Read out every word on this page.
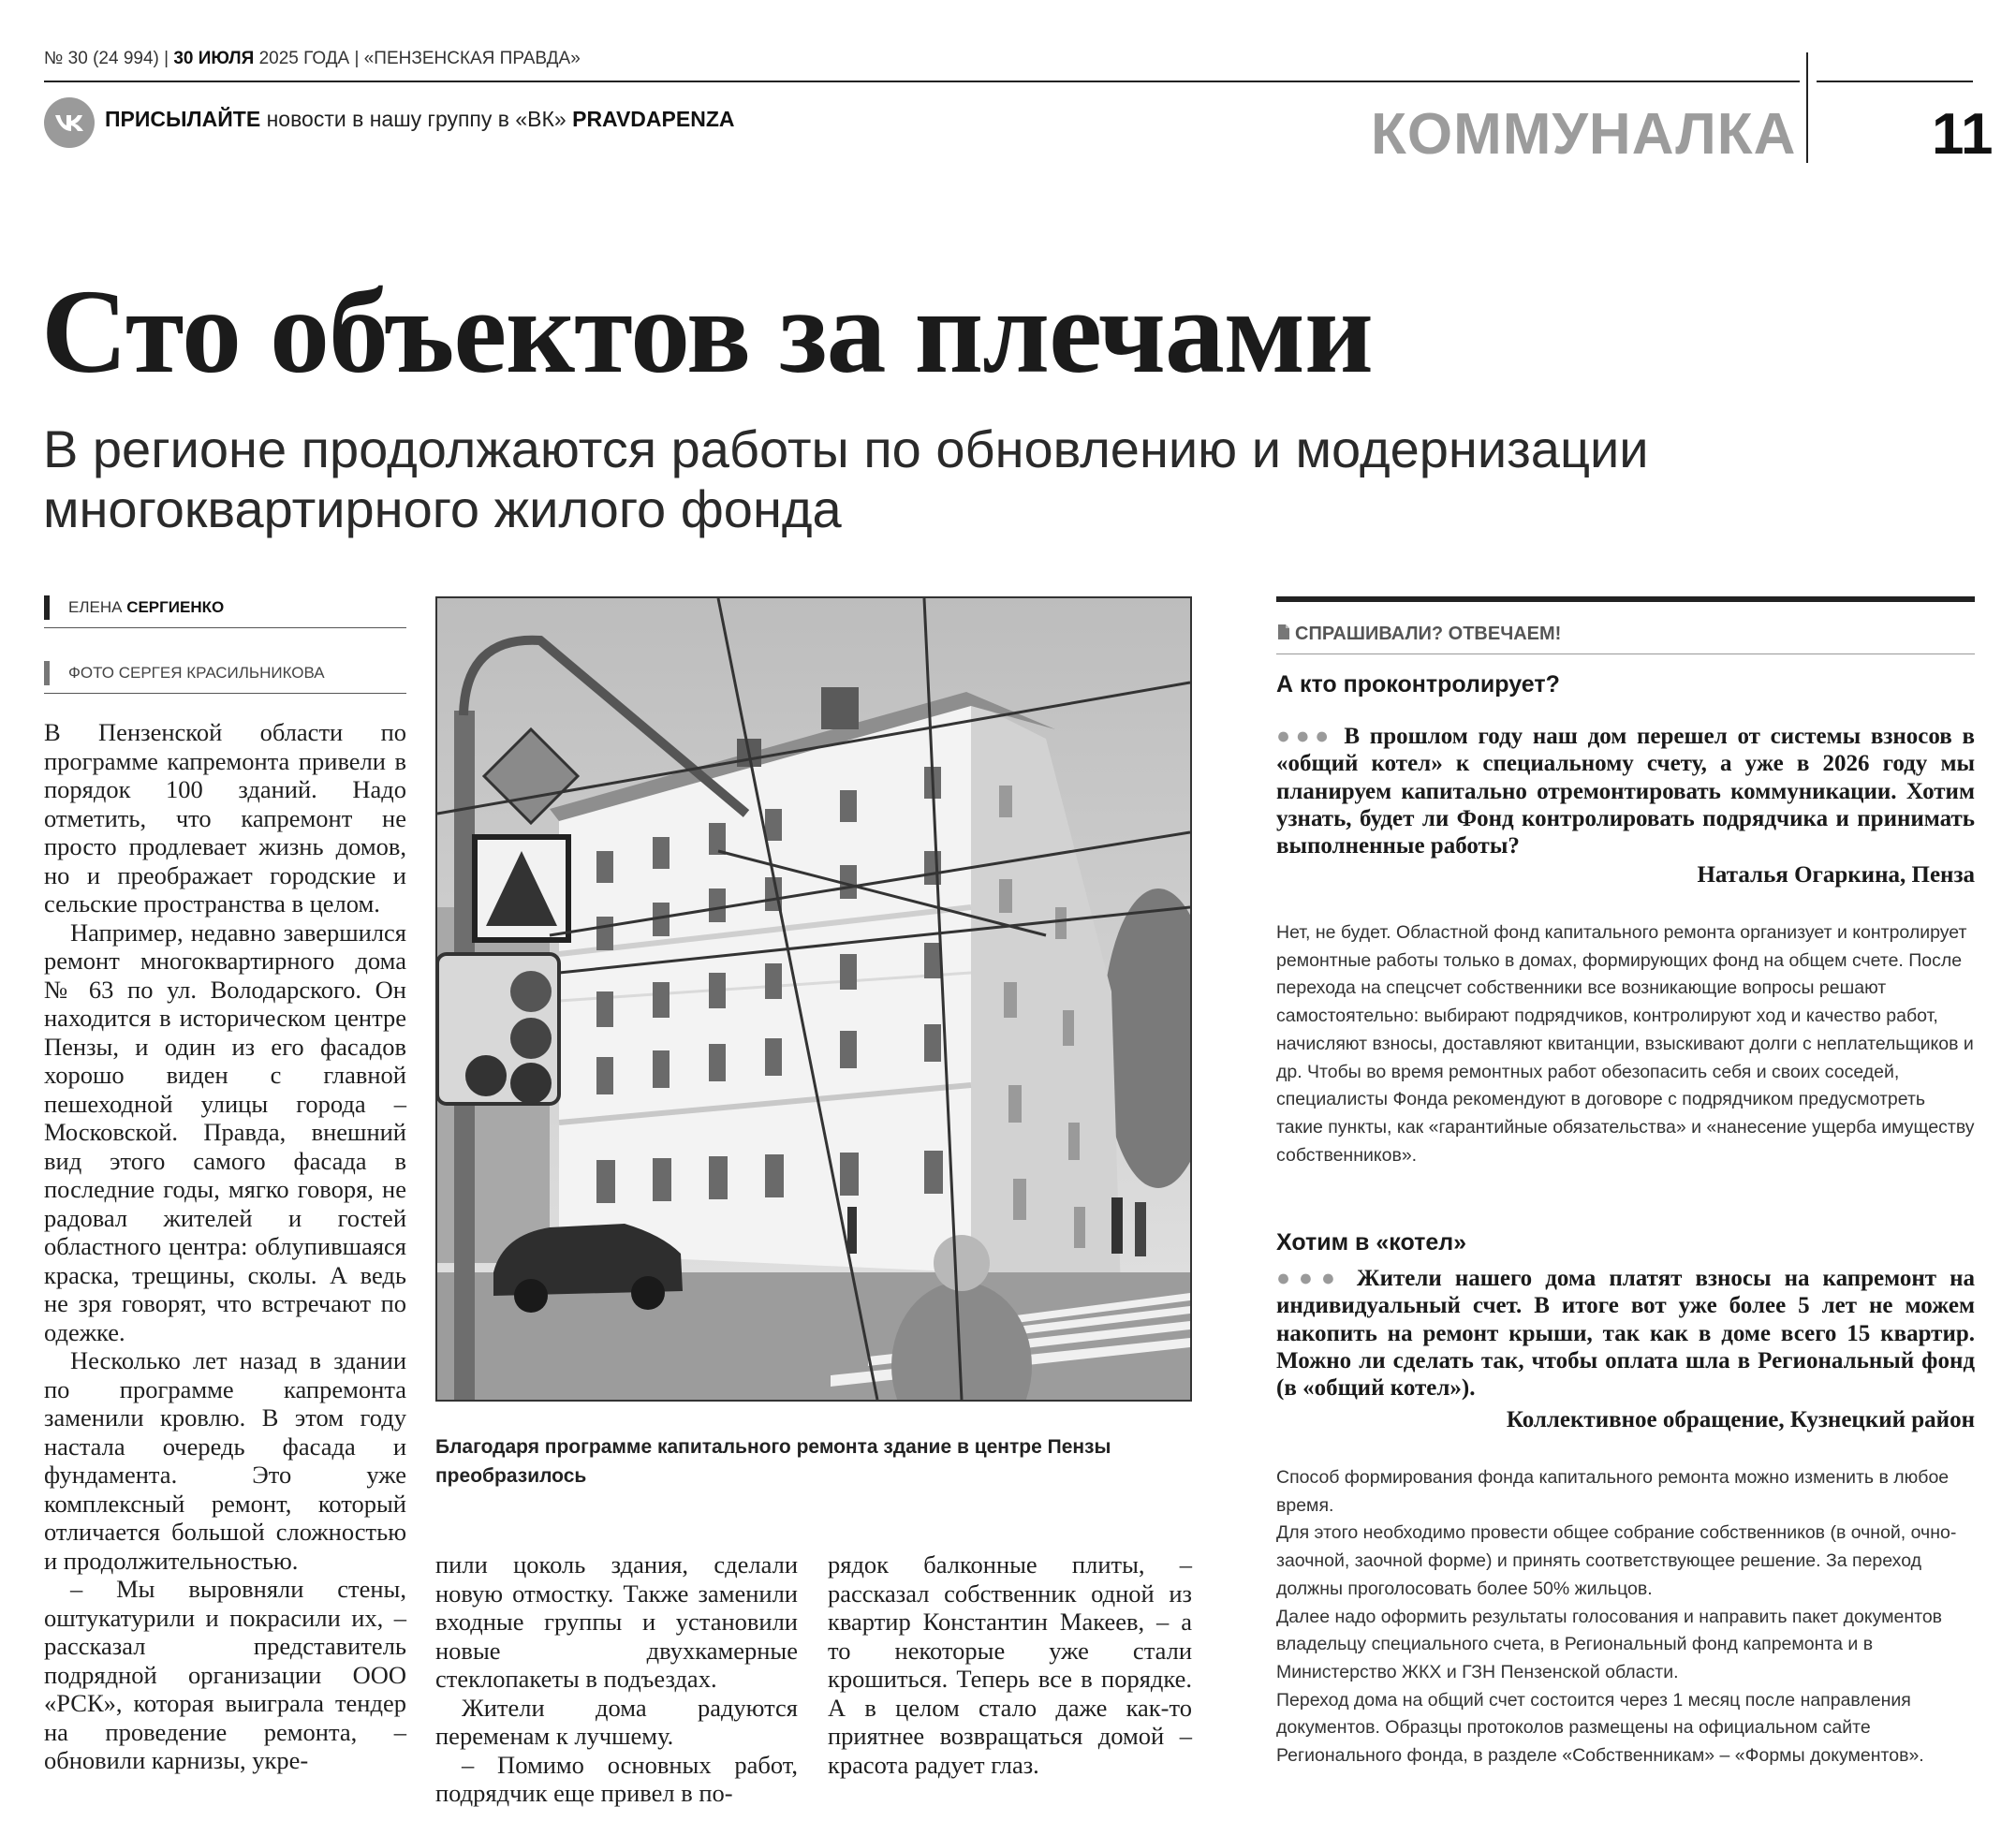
№ 30 (24 994) | 30 ИЮЛЯ 2025 ГОДА | «ПЕНЗЕНСКАЯ ПРАВДА»
ПРИСЫЛАЙТЕ новости в нашу группу в «ВК» PRAVDAPENZA	КОММУНАЛКА 11
Сто объектов за плечами
В регионе продолжаются работы по обновлению и модернизации многоквартирного жилого фонда
ЕЛЕНА СЕРГИЕНКО
ФОТО СЕРГЕЯ КРАСИЛЬНИКОВА

В Пензенской области по программе капремонта привели в порядок 100 зданий. Надо отметить, что капремонт не просто продлевает жизнь домов, но и преображает городские и сельские пространства в целом.

Например, недавно завершился ремонт многоквартирного дома № 63 по ул. Володарского. Он находится в историческом центре Пензы, и один из его фасадов хорошо виден с главной пешеходной улицы города – Московской. Правда, внешний вид этого самого фасада в последние годы, мягко говоря, не радовал жителей и гостей областного центра: облупившаяся краска, трещины, сколы. А ведь не зря говорят, что встречают по одежке.

Несколько лет назад в здании по программе капремонта заменили кровлю. В этом году настала очередь фасада и фундамента. Это уже комплексный ремонт, который отличается большой сложностью и продолжительностью.

– Мы выровняли стены, оштукатурили и покрасили их, – рассказал представитель подрядной организации ООО «РСК», которая выиграла тендер на проведение ремонта, – обновили карнизы, укре-

Благодаря программе капитального ремонта здание в центре Пензы преобразилось

пили цоколь здания, сделали новую отмостку. Также заменили входные группы и установили новые двухкамерные стеклопакеты в подъездах.

Жители дома радуются переменам к лучшему.

– Помимо основных работ, подрядчик еще привел в по-

рядок балконные плиты, – рассказал собственник одной из квартир Константин Макеев, – а то некоторые уже стали крошиться. Теперь все в порядке. А в целом стало даже как-то приятнее возвращаться домой – красота радует глаз.

СПРАШИВАЛИ? ОТВЕЧАЕМ!
А кто проконтролирует?
●●● В прошлом году наш дом перешел от системы взносов в «общий котел» к специальному счету, а уже в 2026 году мы планируем капитально отремонтировать коммуникации. Хотим узнать, будет ли Фонд контролировать подрядчика и принимать выполненные работы?
Наталья Огаркина, Пенза
Нет, не будет. Областной фонд капитального ремонта организует и контролирует ремонтные работы только в домах, формирующих фонд на общем счете. После перехода на спецсчет собственники все возникающие вопросы решают самостоятельно: выбирают подрядчиков, контролируют ход и качество работ, начисляют взносы, доставляют квитанции, взыскивают долги с неплательщиков и др. Чтобы во время ремонтных работ обезопасить себя и своих соседей, специалисты Фонда рекомендуют в договоре с подрядчиком предусмотреть такие пункты, как «гарантийные обязательства» и «нанесение ущерба имуществу собственников».
Хотим в «котел»
●●● Жители нашего дома платят взносы на капремонт на индивидуальный счет. В итоге вот уже более 5 лет не можем накопить на ремонт крыши, так как в доме всего 15 квартир. Можно ли сделать так, чтобы оплата шла в Региональный фонд (в «общий котел»).
Коллективное обращение, Кузнецкий район

Способ формирования фонда капитального ремонта можно изменить в любое время.

Для этого необходимо провести общее собрание собственников (в очной, очно-заочной, заочной форме) и принять соответствующее решение. За переход должны проголосовать более 50% жильцов.

Далее надо оформить результаты голосования и направить пакет документов владельцу специального счета, в Региональный фонд капремонта и в Министерство ЖКХ и ГЗН Пензенской области.

Переход дома на общий счет состоится через 1 месяц после направления документов. Образцы протоколов размещены на официальном сайте Регионального фонда, в разделе «Собственникам» – «Формы документов».
